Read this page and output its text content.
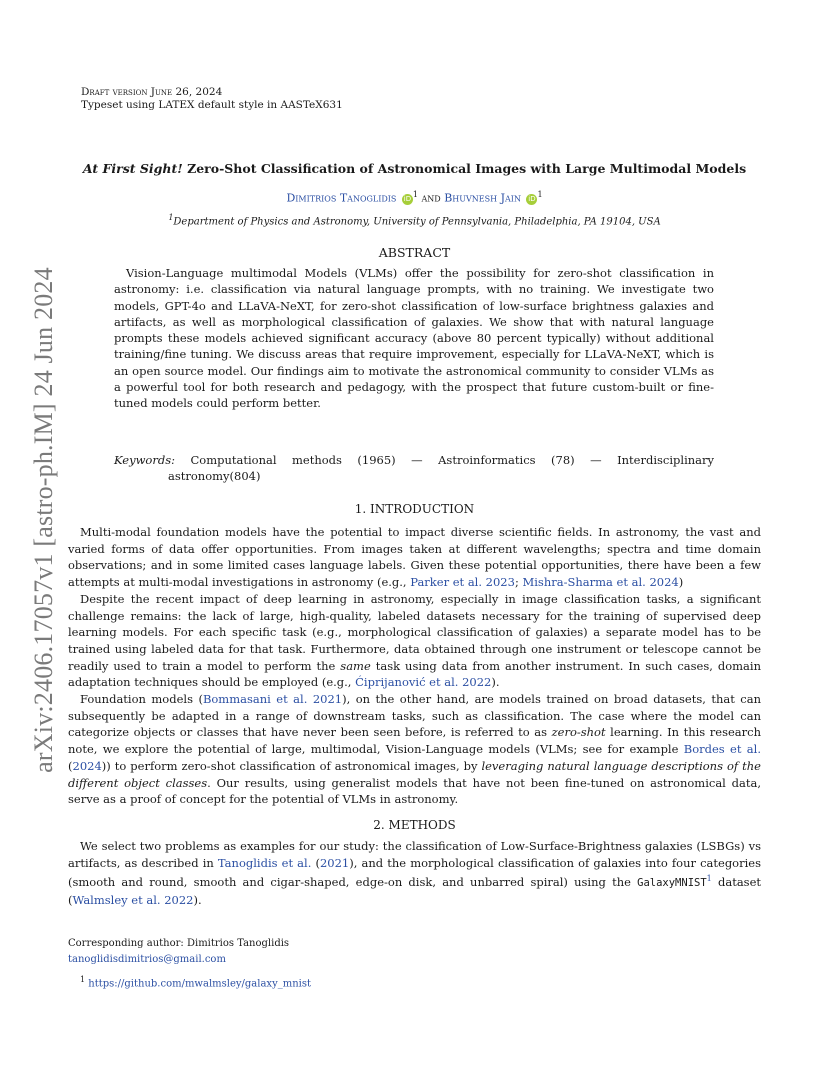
arXiv:2406.17057v1 [astro-ph.IM] 24 Jun 2024
Draft version June 26, 2024
Typeset using LATEX default style in AASTeX631
At First Sight! Zero-Shot Classification of Astronomical Images with Large Multimodal Models
Dimitrios Tanoglidis iD $^1$ and Bhuvnesh Jain iD $^1$
$^1$Department of Physics and Astronomy, University of Pennsylvania, Philadelphia, PA 19104, USA
ABSTRACT

Vision-Language multimodal Models (VLMs) offer the possibility for zero-shot classification in astronomy: i.e. classification via natural language prompts, with no training. We investigate two models, GPT-4o and LLaVA-NeXT, for zero-shot classification of low-surface brightness galaxies and artifacts, as well as morphological classification of galaxies. We show that with natural language prompts these models achieved significant accuracy (above 80 percent typically) without additional training/fine tuning. We discuss areas that require improvement, especially for LLaVA-NeXT, which is an open source model. Our findings aim to motivate the astronomical community to consider VLMs as a powerful tool for both research and pedagogy, with the prospect that future custom-built or fine-tuned models could perform better.

Keywords: Computational methods (1965) — Astroinformatics (78) — Interdisciplinary astronomy(804)

1. INTRODUCTION

Multi-modal foundation models have the potential to impact diverse scientific fields. In astronomy, the vast and varied forms of data offer opportunities. From images taken at different wavelengths; spectra and time domain observations; and in some limited cases language labels. Given these potential opportunities, there have been a few attempts at multi-modal investigations in astronomy (e.g., Parker et al. 2023; Mishra-Sharma et al. 2024)

Despite the recent impact of deep learning in astronomy, especially in image classification tasks, a significant challenge remains: the lack of large, high-quality, labeled datasets necessary for the training of supervised deep learning models. For each specific task (e.g., morphological classification of galaxies) a separate model has to be trained using labeled data for that task. Furthermore, data obtained through one instrument or telescope cannot be readily used to train a model to perform the same task using data from another instrument. In such cases, domain adaptation techniques should be employed (e.g., Ćiprijanović et al. 2022).

Foundation models (Bommasani et al. 2021), on the other hand, are models trained on broad datasets, that can subsequently be adapted in a range of downstream tasks, such as classification. The case where the model can categorize objects or classes that have never been seen before, is referred to as zero-shot learning. In this research note, we explore the potential of large, multimodal, Vision-Language models (VLMs; see for example Bordes et al. (2024)) to perform zero-shot classification of astronomical images, by leveraging natural language descriptions of the different object classes. Our results, using generalist models that have not been fine-tuned on astronomical data, serve as a proof of concept for the potential of VLMs in astronomy.

2. METHODS

We select two problems as examples for our study: the classification of Low-Surface-Brightness galaxies (LSBGs) vs artifacts, as described in Tanoglidis et al. (2021), and the morphological classification of galaxies into four categories (smooth and round, smooth and cigar-shaped, edge-on disk, and unbarred spiral) using the GalaxyMNIST$^1$ dataset (Walmsley et al. 2022).

Corresponding author: Dimitrios Tanoglidis
tanoglidisdimitrios@gmail.com
$^1$ https://github.com/mwalmsley/galaxy_mnist
